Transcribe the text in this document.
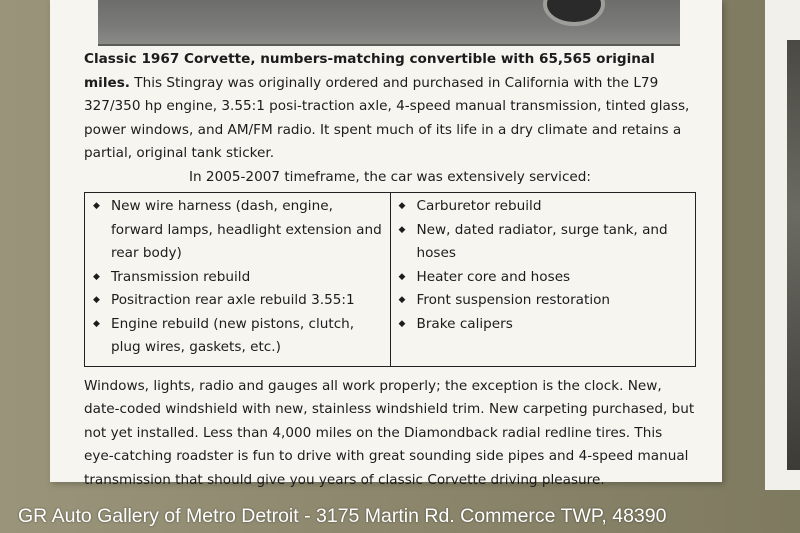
Classic 1967 Corvette, numbers-matching convertible with 65,565 original miles. This Stingray was originally ordered and purchased in California with the L79 327/350 hp engine, 3.55:1 posi-traction axle, 4-speed manual transmission, tinted glass, power windows, and AM/FM radio. It spent much of its life in a dry climate and retains a partial, original tank sticker.
In 2005-2007 timeframe, the car was extensively serviced:
◆ New wire harness (dash, engine, forward lamps, headlight extension and rear body)
◆ Transmission rebuild
◆ Positraction rear axle rebuild 3.55:1
◆ Engine rebuild (new pistons, clutch, plug wires, gaskets, etc.)

◆ Carburetor rebuild
◆ New, dated radiator, surge tank, and hoses
◆ Heater core and hoses
◆ Front suspension restoration
◆ Brake calipers
Windows, lights, radio and gauges all work properly; the exception is the clock. New, date-coded windshield with new, stainless windshield trim. New carpeting purchased, but not yet installed. Less than 4,000 miles on the Diamondback radial redline tires. This eye-catching roadster is fun to drive with great sounding side pipes and 4-speed manual transmission that should give you years of classic Corvette driving pleasure.
GR Auto Gallery of Metro Detroit - 3175 Martin Rd. Commerce TWP, 48390
